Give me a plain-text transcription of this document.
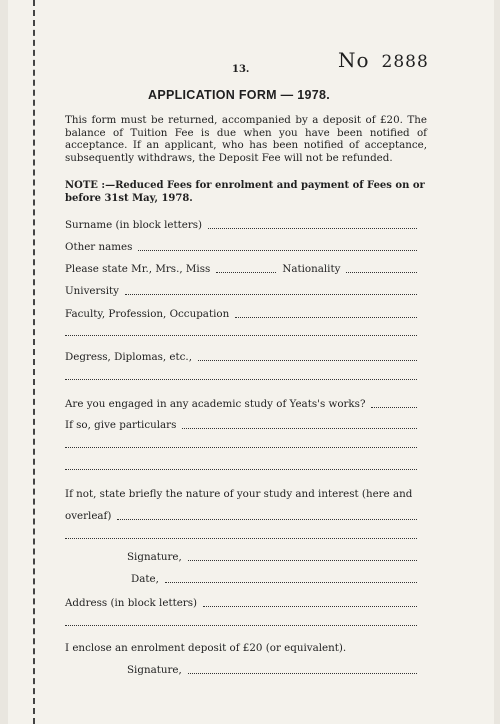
13.	No 2888
APPLICATION FORM — 1978.
This form must be returned, accompanied by a deposit of £20. The balance of Tuition Fee is due when you have been notified of acceptance. If an applicant, who has been notified of acceptance, subsequently withdraws, the Deposit Fee will not be refunded.
NOTE :—Reduced Fees for enrolment and payment of Fees on or before 31st May, 1978.
Surname (in block letters)
Other names
Please state Mr., Mrs., Miss	Nationality
University
Faculty, Profession, Occupation
Degress, Diplomas, etc.,
Are you engaged in any academic study of Yeats's works?
If so, give particulars
If not, state briefly the nature of your study and interest (here and
overleaf)
Signature,
Date,
Address (in block letters)
I enclose an enrolment deposit of £20 (or equivalent).
Signature,
